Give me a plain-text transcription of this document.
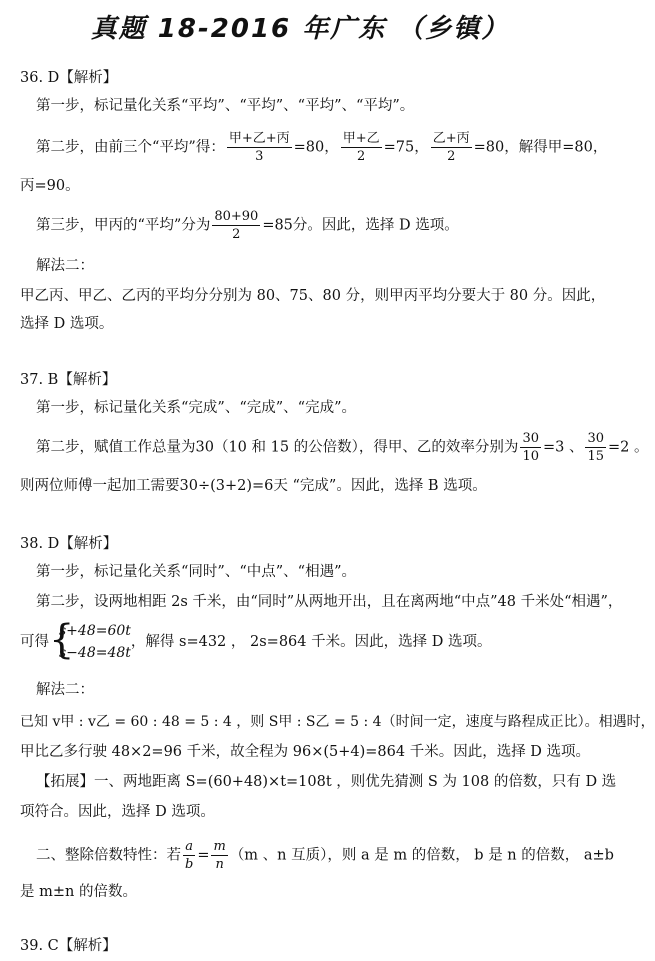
真题 18-2016 年广东 （乡镇）
36. D【解析】
第一步，标记量化关系“平均”、“平均”、“平均”、“平均”。
第二步，由前三个“平均”得： $\frac{\text{甲+乙+丙}}{3} =80$， $\frac{\text{甲+乙}}{2} =75$， $\frac{\text{乙+丙}}{2} =80$，解得甲=80，
丙=90。
第三步，甲丙的“平均”分为 $\frac{80+90}{2} =85$分。因此，选择 D 选项。
解法二：
甲乙丙、甲乙、乙丙的平均分分别为 80、75、80 分，则甲丙平均分要大于 80 分。因此，
选择 D 选项。
37. B【解析】
第一步，标记量化关系“完成”、“完成”、“完成”。
第二步，赋值工作总量为30（10 和 15 的公倍数），得甲、乙的效率分别为 $\frac{30}{10} =3$ 、 $\frac{30}{15} =2$ 。
则两位师傅一起加工需要30÷(3+2)=6天 “完成”。因此，选择 B 选项。
38. D【解析】
第一步，标记量化关系“同时”、“中点”、“相遇”。
第二步，设两地相距 2s 千米，由“同时”从两地开出，且在离两地“中点”48 千米处“相遇”，
可得 {
s+48=60t
s−48=48t
，解得 s=432 ， 2s=864 千米。因此，选择 D 选项。
解法二：
已知 v甲 : v乙 = 60 : 48 = 5 : 4 ，则 S甲 : S乙 = 5 : 4（时间一定，速度与路程成正比）。相遇时，
甲比乙多行驶 48×2=96 千米，故全程为 96×(5+4)=864 千米。因此，选择 D 选项。
【拓展】一、两地距离 S=(60+48)×t=108t ，则优先猜测 S 为 108 的倍数，只有 D 选
项符合。因此，选择 D 选项。
二、整除倍数特性：若 $\frac{a}{b} = \frac{m}{n} (m$ 、n 互质），则 a 是 m 的倍数， b 是 n 的倍数， a±b
是 m±n 的倍数。
39. C【解析】
